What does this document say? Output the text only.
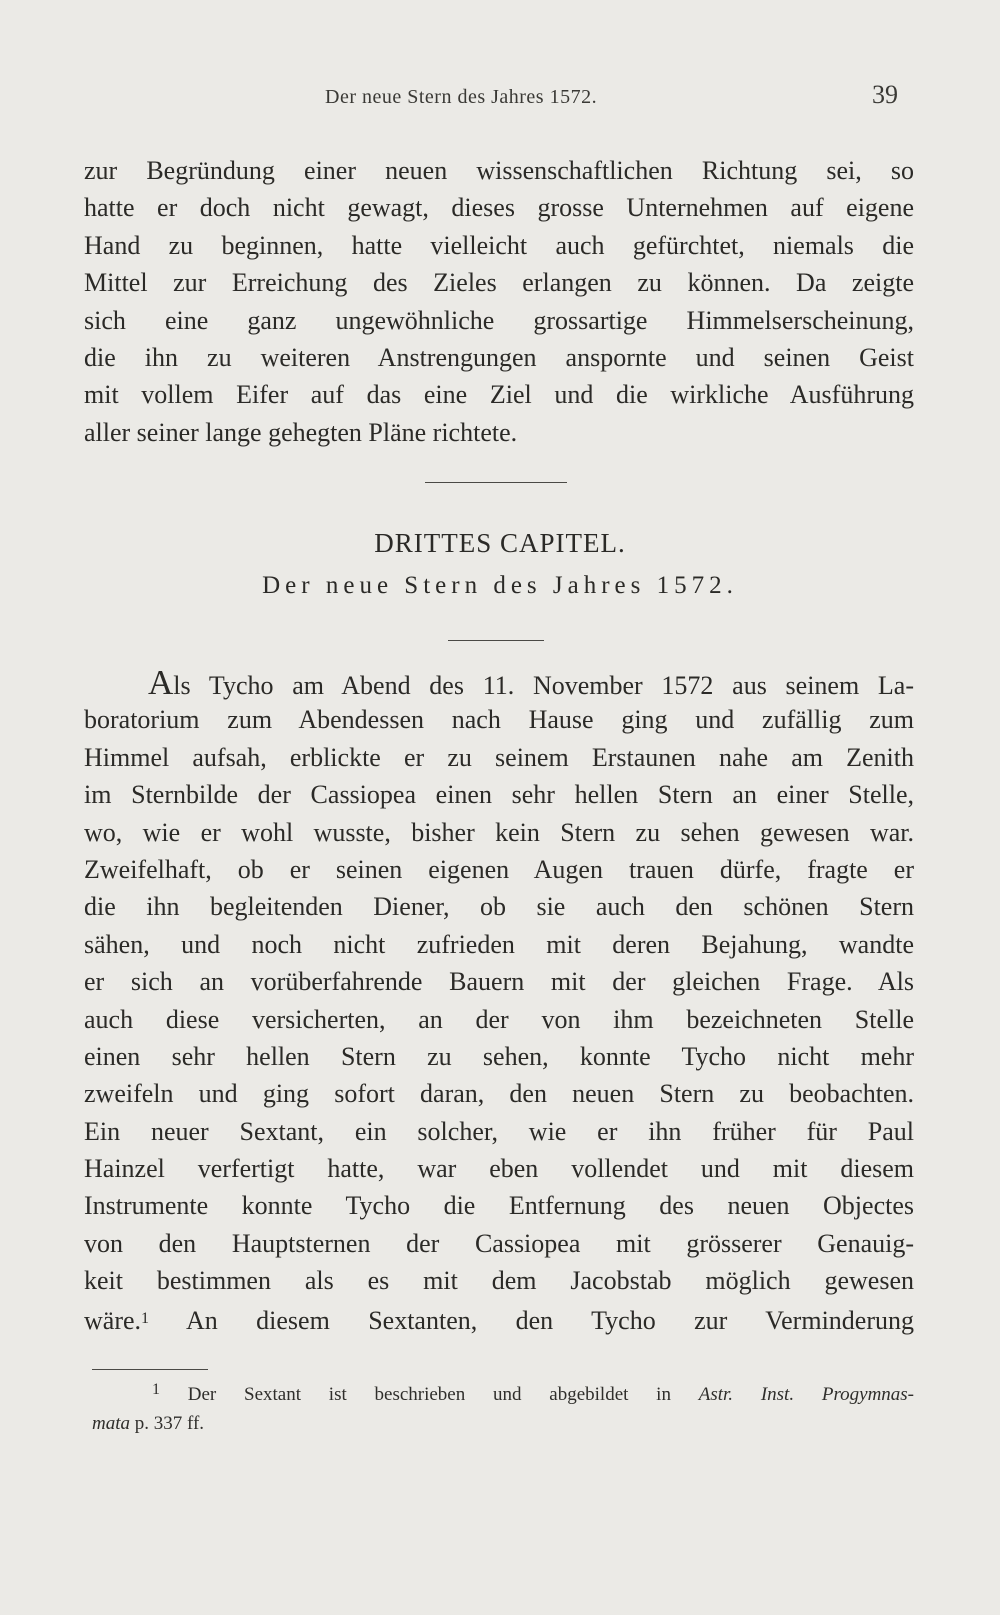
Der neue Stern des Jahres 1572.	39
zur Begründung einer neuen wissenschaftlichen Richtung sei, so
hatte er doch nicht gewagt, dieses grosse Unternehmen auf eigene
Hand zu beginnen, hatte vielleicht auch gefürchtet, niemals die
Mittel zur Erreichung des Zieles erlangen zu können. Da zeigte
sich eine ganz ungewöhnliche grossartige Himmelserscheinung,
die ihn zu weiteren Anstrengungen anspornte und seinen Geist
mit vollem Eifer auf das eine Ziel und die wirkliche Ausführung
aller seiner lange gehegten Pläne richtete.
DRITTES CAPITEL.
Der neue Stern des Jahres 1572.
Als Tycho am Abend des 11. November 1572 aus seinem La-
boratorium zum Abendessen nach Hause ging und zufällig zum
Himmel aufsah, erblickte er zu seinem Erstaunen nahe am Zenith
im Sternbilde der Cassiopea einen sehr hellen Stern an einer Stelle,
wo, wie er wohl wusste, bisher kein Stern zu sehen gewesen war.
Zweifelhaft, ob er seinen eigenen Augen trauen dürfe, fragte er
die ihn begleitenden Diener, ob sie auch den schönen Stern
sähen, und noch nicht zufrieden mit deren Bejahung, wandte
er sich an vorüberfahrende Bauern mit der gleichen Frage. Als
auch diese versicherten, an der von ihm bezeichneten Stelle
einen sehr hellen Stern zu sehen, konnte Tycho nicht mehr
zweifeln und ging sofort daran, den neuen Stern zu beobachten.
Ein neuer Sextant, ein solcher, wie er ihn früher für Paul
Hainzel verfertigt hatte, war eben vollendet und mit diesem
Instrumente konnte Tycho die Entfernung des neuen Objectes
von den Hauptsternen der Cassiopea mit grösserer Genauig-
keit bestimmen als es mit dem Jacobstab möglich gewesen
wäre.$^1$ An diesem Sextanten, den Tycho zur Verminderung
$^1$ Der Sextant ist beschrieben und abgebildet in Astr. Inst. Progymnas-
mata p. 337 ff.
